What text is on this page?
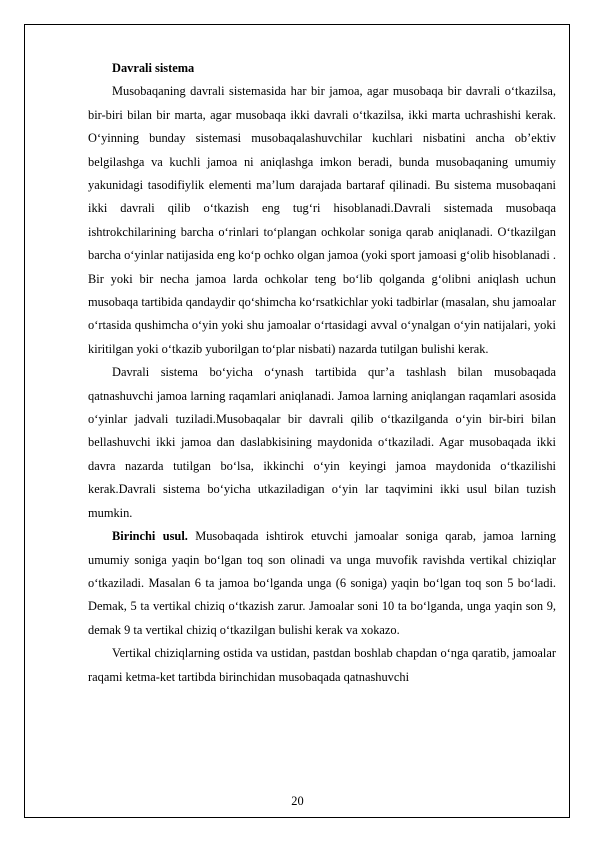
Davrali sistema

Musobaqaning davrali sistemasida har bir jamoa, agar musobaqa bir davrali o‘tkazilsa, bir-biri bilan bir marta, agar musobaqa ikki davrali o‘tkazilsa, ikki marta uchrashishi kerak. O‘yinning bunday sistemasi musobaqalashuvchilar kuchlari nisbatini ancha ob’ektiv belgilashga va kuchli jamoa ni aniqlashga imkon beradi, bunda musobaqaning umumiy yakunidagi tasodifiylik elementi ma’lum darajada bartaraf qilinadi. Bu sistema musobaqani ikki davrali qilib o‘tkazish eng tug‘ri hisoblanadi.Davrali sistemada musobaqa ishtrokchilarining barcha o‘rinlari to‘plangan ochkolar soniga qarab aniqlanadi. O‘tkazilgan barcha o‘yinlar natijasida eng ko‘p ochko olgan jamoa (yoki sport jamoasi g‘olib hisoblanadi . Bir yoki bir necha jamoa larda ochkolar teng bo‘lib qolganda g‘olibni aniqlash uchun musobaqa tartibida qandaydir qo‘shimcha ko‘rsatkichlar yoki tadbirlar (masalan, shu jamoalar o‘rtasida qushimcha o‘yin yoki shu jamoalar o‘rtasidagi avval o‘ynalgan o‘yin natijalari, yoki kiritilgan yoki o‘tkazib yuborilgan to‘plar nisbati) nazarda tutilgan bulishi kerak.

Davrali sistema bo‘yicha o‘ynash tartibida qur’a tashlash bilan musobaqada qatnashuvchi jamoa larning raqamlari aniqlanadi. Jamoa larning aniqlangan raqamlari asosida o‘yinlar jadvali tuziladi.Musobaqalar bir davrali qilib o‘tkazilganda o‘yin bir-biri bilan bellashuvchi ikki jamoa dan daslabkisining maydonida o‘tkaziladi. Agar musobaqada ikki davra nazarda tutilgan bo‘lsa, ikkinchi o‘yin keyingi jamoa maydonida o‘tkazilishi kerak.Davrali sistema bo‘yicha utkaziladigan o‘yin lar taqvimini ikki usul bilan tuzish mumkin.

Birinchi usul. Musobaqada ishtirok etuvchi jamoalar soniga qarab, jamoa larning umumiy soniga yaqin bo‘lgan toq son olinadi va unga muvofik ravishda vertikal chiziqlar o‘tkaziladi. Masalan 6 ta jamoa bo‘lganda unga (6 soniga) yaqin bo‘lgan toq son 5 bo‘ladi. Demak, 5 ta vertikal chiziq o‘tkazish zarur. Jamoalar soni 10 ta bo‘lganda, unga yaqin son 9, demak 9 ta vertikal chiziq o‘tkazilgan bulishi kerak va xokazo.

Vertikal chiziqlarning ostida va ustidan, pastdan boshlab chapdan o‘nga qaratib, jamoalar raqami ketma-ket tartibda birinchidan musobaqada qatnashuvchi

20
